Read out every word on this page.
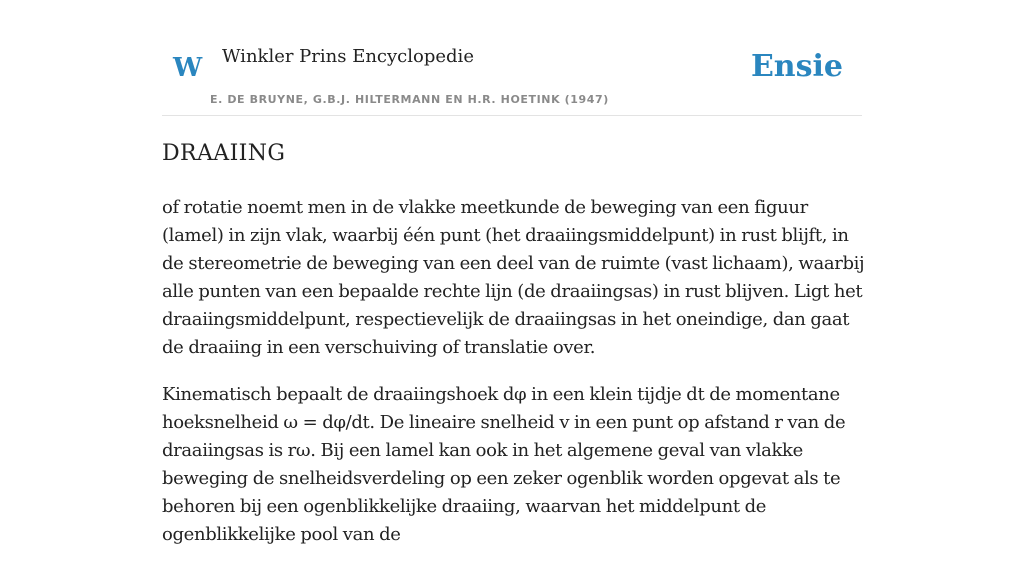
W Winkler Prins Encyclopedie
E. DE BRUYNE, G.B.J. HILTERMANN EN H.R. HOETINK (1947)
Ensie
DRAAIING

of rotatie noemt men in de vlakke meetkunde de beweging van een figuur (lamel) in zijn vlak, waarbij één punt (het draaiingsmiddelpunt) in rust blijft, in de stereometrie de beweging van een deel van de ruimte (vast lichaam), waarbij alle punten van een bepaalde rechte lijn (de draaiingsas) in rust blijven. Ligt het draaiingsmiddelpunt, respectievelijk de draaiingsas in het oneindige, dan gaat de draaiing in een verschuiving of translatie over.

Kinematisch bepaalt de draaiingshoek dφ in een klein tijdje dt de momentane hoeksnelheid ω = dφ/dt. De lineaire snelheid v in een punt op afstand r van de draaiingsas is rω. Bij een lamel kan ook in het algemene geval van vlakke beweging de snelheidsverdeling op een zeker ogenblik worden opgevat als te behoren bij een ogenblikkelijke draaiing, waarvan het middelpunt de ogenblikkelijke pool van de
